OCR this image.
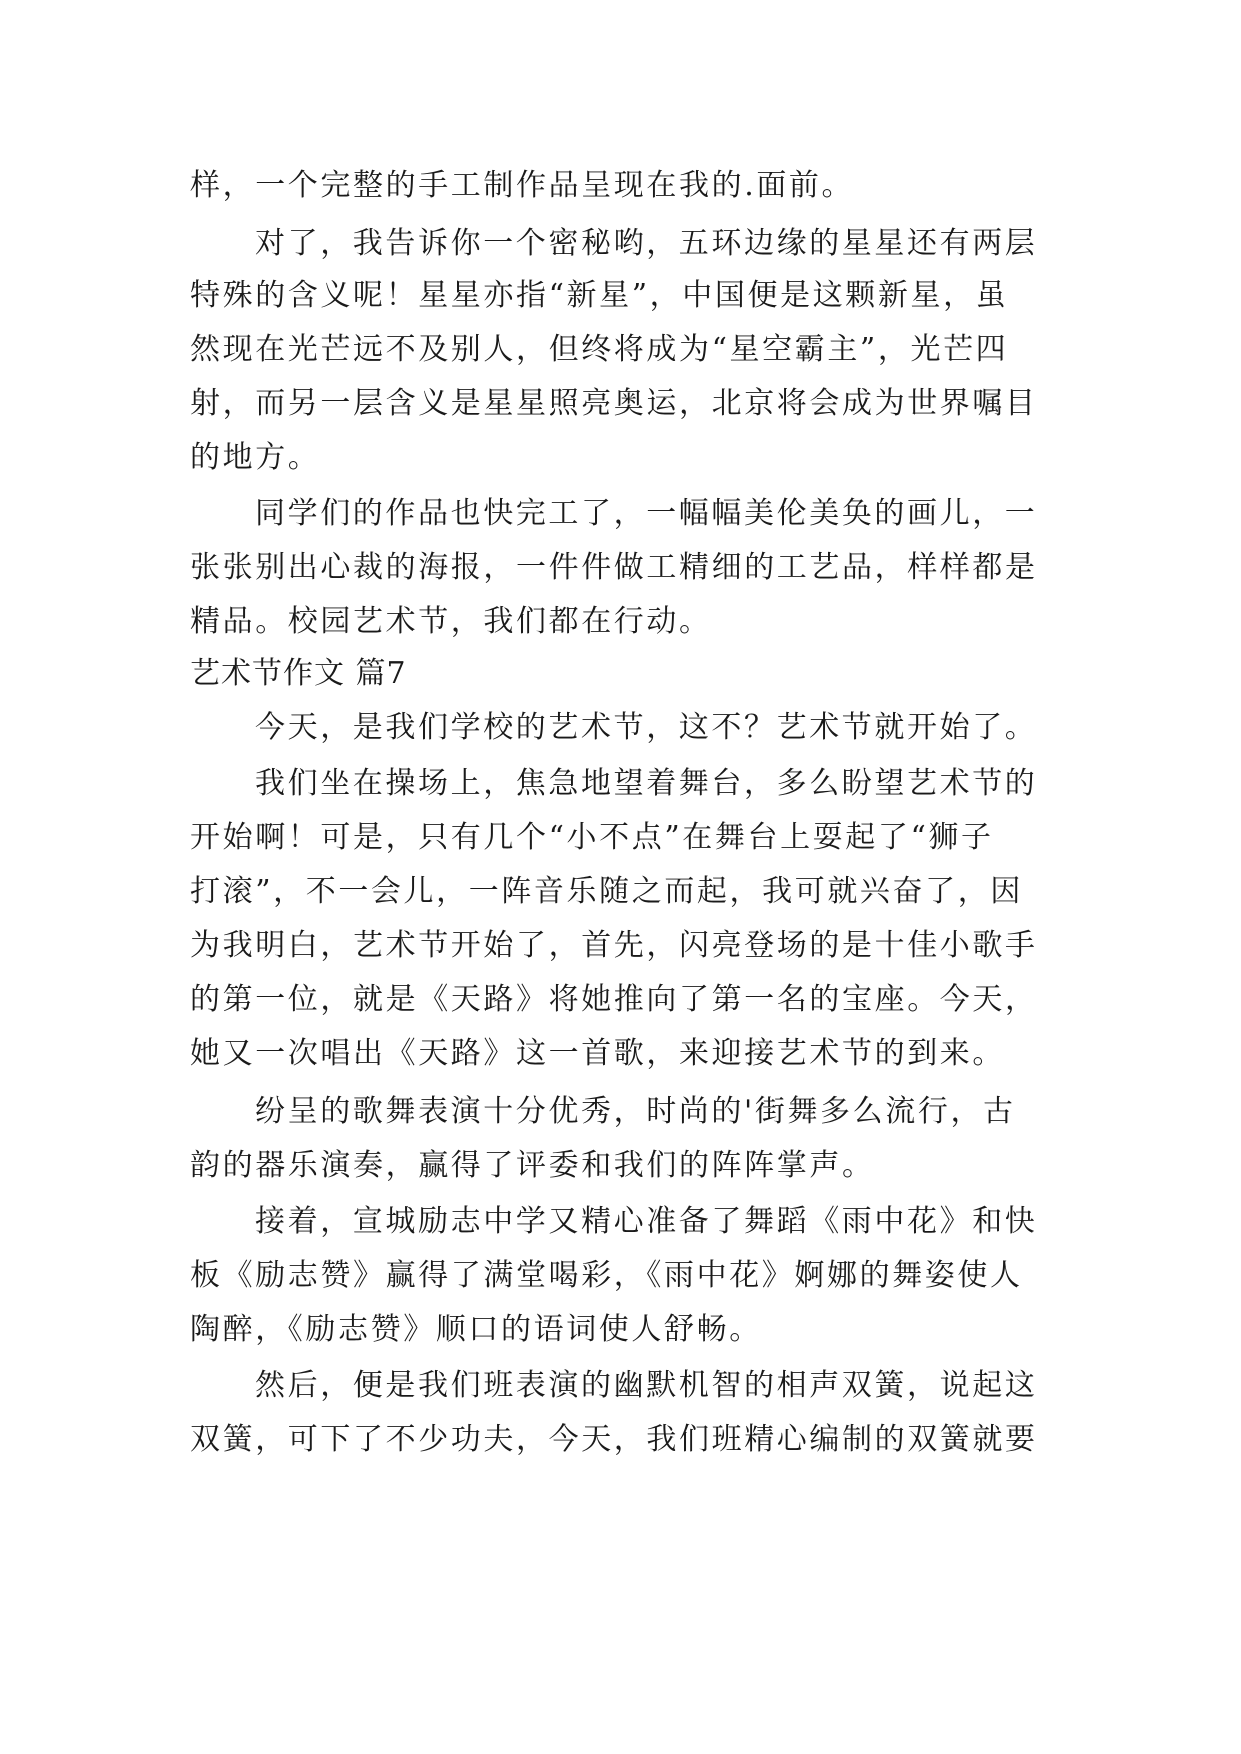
样，一个完整的手工制作品呈现在我的.面前。

对了，我告诉你一个密秘哟，五环边缘的星星还有两层

特殊的含义呢！星星亦指“新星”，中国便是这颗新星，虽

然现在光芒远不及别人，但终将成为“星空霸主”，光芒四

射，而另一层含义是星星照亮奥运，北京将会成为世界嘱目

的地方。

同学们的作品也快完工了，一幅幅美伦美奂的画儿，一

张张别出心裁的海报，一件件做工精细的工艺品，样样都是

精品。校园艺术节，我们都在行动。

艺术节作文 篇7

今天，是我们学校的艺术节，这不？艺术节就开始了。

我们坐在操场上，焦急地望着舞台，多么盼望艺术节的

开始啊！可是，只有几个“小不点”在舞台上耍起了“狮子

打滚”，不一会儿，一阵音乐随之而起，我可就兴奋了，因

为我明白，艺术节开始了，首先，闪亮登场的是十佳小歌手

的第一位，就是《天路》将她推向了第一名的宝座。今天，

她又一次唱出《天路》这一首歌，来迎接艺术节的到来。

纷呈的歌舞表演十分优秀，时尚的'街舞多么流行，古

韵的器乐演奏，赢得了评委和我们的阵阵掌声。

接着，宣城励志中学又精心准备了舞蹈《雨中花》和快

板《励志赞》赢得了满堂喝彩，《雨中花》婀娜的舞姿使人

陶醉，《励志赞》顺口的语词使人舒畅。

然后，便是我们班表演的幽默机智的相声双簧，说起这

双簧，可下了不少功夫，今天，我们班精心编制的双簧就要
